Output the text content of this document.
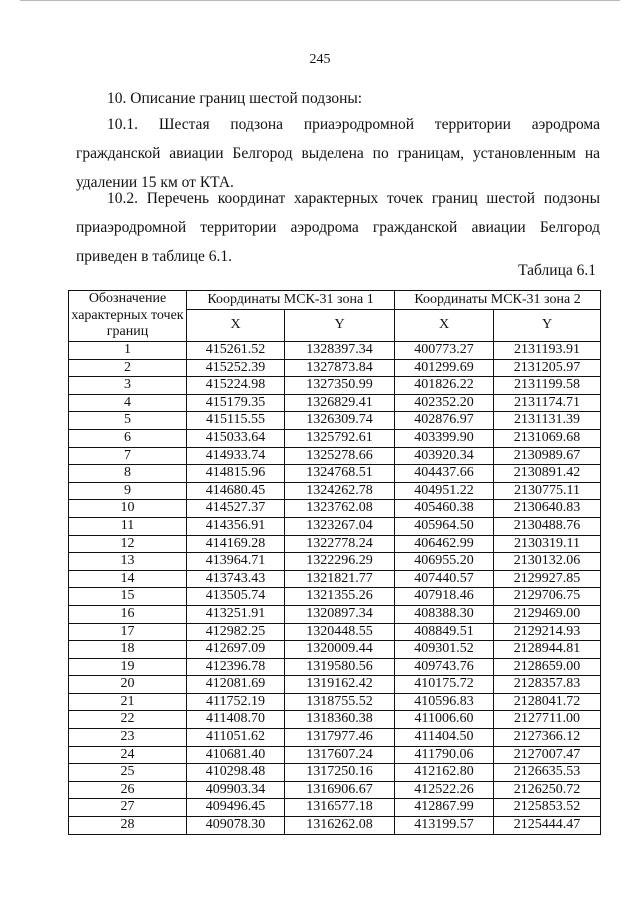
245

10. Описание границ шестой подзоны:

10.1. Шестая подзона приаэродромной территории аэродрома гражданской авиации Белгород выделена по границам, установленным на удалении 15 км от КТА.

10.2. Перечень координат характерных точек границ шестой подзоны приаэродромной территории аэродрома гражданской авиации Белгород приведен в таблице 6.1.

Таблица 6.1
Обозначение характерных точек границ	Координаты МСК-31 зона 1		Координаты МСК-31 зона 2	
	X	Y	X	Y
1	415261.52	1328397.34	400773.27	2131193.91
2	415252.39	1327873.84	401299.69	2131205.97
3	415224.98	1327350.99	401826.22	2131199.58
4	415179.35	1326829.41	402352.20	2131174.71
5	415115.55	1326309.74	402876.97	2131131.39
6	415033.64	1325792.61	403399.90	2131069.68
7	414933.74	1325278.66	403920.34	2130989.67
8	414815.96	1324768.51	404437.66	2130891.42
9	414680.45	1324262.78	404951.22	2130775.11
10	414527.37	1323762.08	405460.38	2130640.83
11	414356.91	1323267.04	405964.50	2130488.76
12	414169.28	1322778.24	406462.99	2130319.11
13	413964.71	1322296.29	406955.20	2130132.06
14	413743.43	1321821.77	407440.57	2129927.85
15	413505.74	1321355.26	407918.46	2129706.75
16	413251.91	1320897.34	408388.30	2129469.00
17	412982.25	1320448.55	408849.51	2129214.93
18	412697.09	1320009.44	409301.52	2128944.81
19	412396.78	1319580.56	409743.76	2128659.00
20	412081.69	1319162.42	410175.72	2128357.83
21	411752.19	1318755.52	410596.83	2128041.72
22	411408.70	1318360.38	411006.60	2127711.00
23	411051.62	1317977.46	411404.50	2127366.12
24	410681.40	1317607.24	411790.06	2127007.47
25	410298.48	1317250.16	412162.80	2126635.53
26	409903.34	1316906.67	412522.26	2126250.72
27	409496.45	1316577.18	412867.99	2125853.52
28	409078.30	1316262.08	413199.57	2125444.47
